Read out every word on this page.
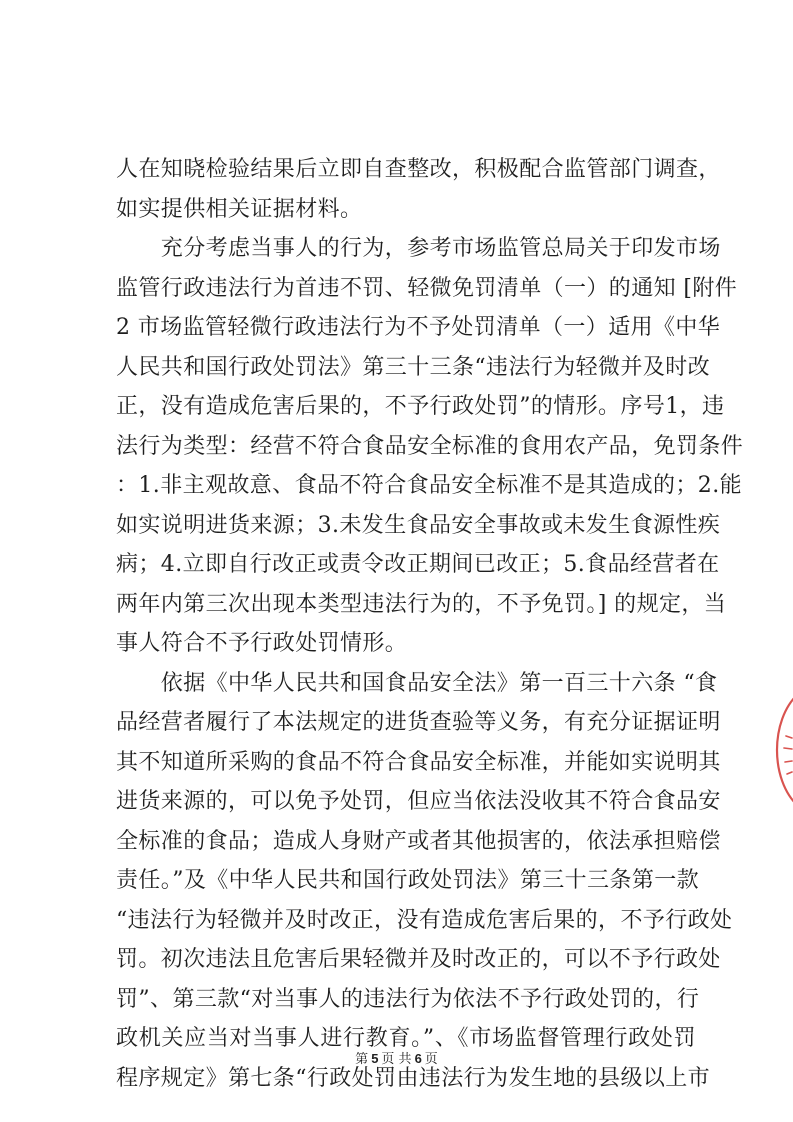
人在知晓检验结果后立即自查整改，积极配合监管部门调查，
如实提供相关证据材料。
　　充分考虑当事人的行为，参考市场监管总局关于印发市场
监管行政违法行为首违不罚、轻微免罚清单（一）的通知 [附件
2 市场监管轻微行政违法行为不予处罚清单（一）适用《中华
人民共和国行政处罚法》第三十三条“违法行为轻微并及时改
正，没有造成危害后果的，不予行政处罚”的情形。序号1，违
法行为类型：经营不符合食品安全标准的食用农产品，免罚条件
：1.非主观故意、食品不符合食品安全标准不是其造成的；2.能
如实说明进货来源；3.未发生食品安全事故或未发生食源性疾
病；4.立即自行改正或责令改正期间已改正；5.食品经营者在
两年内第三次出现本类型违法行为的，不予免罚。] 的规定，当
事人符合不予行政处罚情形。
　　依据《中华人民共和国食品安全法》第一百三十六条 “食
品经营者履行了本法规定的进货查验等义务，有充分证据证明
其不知道所采购的食品不符合食品安全标准，并能如实说明其
进货来源的，可以免予处罚，但应当依法没收其不符合食品安
全标准的食品；造成人身财产或者其他损害的，依法承担赔偿
责任。”及《中华人民共和国行政处罚法》第三十三条第一款
“违法行为轻微并及时改正，没有造成危害后果的，不予行政处
罚。初次违法且危害后果轻微并及时改正的，可以不予行政处
罚”、第三款“对当事人的违法行为依法不予行政处罚的，行
政机关应当对当事人进行教育。”、《市场监督管理行政处罚
程序规定》第七条“行政处罚由违法行为发生地的县级以上市
第 5 页 共 6 页
